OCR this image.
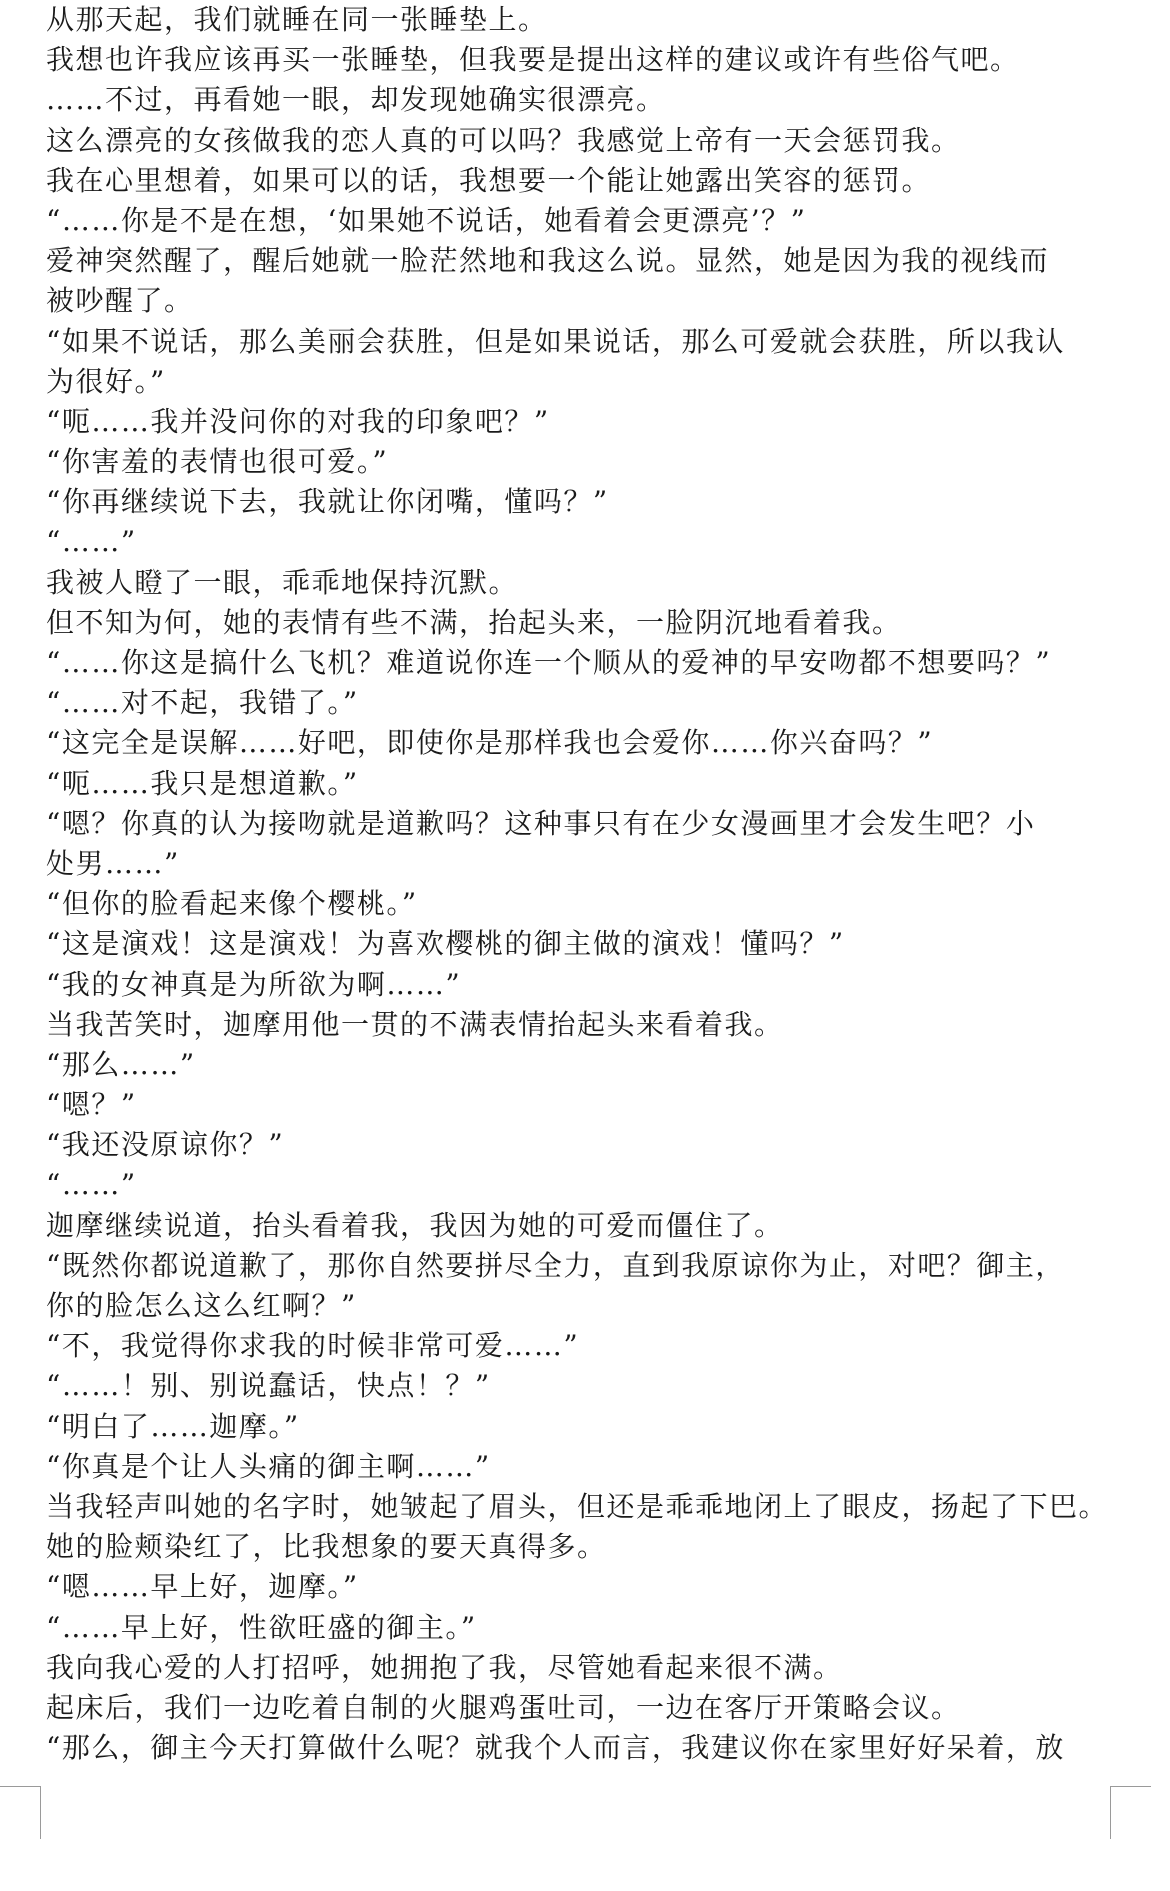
从那天起，我们就睡在同一张睡垫上。
我想也许我应该再买一张睡垫，但我要是提出这样的建议或许有些俗气吧。
……不过，再看她一眼，却发现她确实很漂亮。
这么漂亮的女孩做我的恋人真的可以吗？我感觉上帝有一天会惩罚我。
我在心里想着，如果可以的话，我想要一个能让她露出笑容的惩罚。
“……你是不是在想，‘如果她不说话，她看着会更漂亮’？”
爱神突然醒了，醒后她就一脸茫然地和我这么说。显然，她是因为我的视线而
被吵醒了。
“如果不说话，那么美丽会获胜，但是如果说话，那么可爱就会获胜，所以我认
为很好。”
“呃……我并没问你的对我的印象吧？”
“你害羞的表情也很可爱。”
“你再继续说下去，我就让你闭嘴，懂吗？”
“……”
我被人瞪了一眼，乖乖地保持沉默。
但不知为何，她的表情有些不满，抬起头来，一脸阴沉地看着我。
“……你这是搞什么飞机？难道说你连一个顺从的爱神的早安吻都不想要吗？”
“……对不起，我错了。”
“这完全是误解……好吧，即使你是那样我也会爱你……你兴奋吗？”
“呃……我只是想道歉。”
“嗯？你真的认为接吻就是道歉吗？这种事只有在少女漫画里才会发生吧？小
处男……”
“但你的脸看起来像个樱桃。”
“这是演戏！这是演戏！为喜欢樱桃的御主做的演戏！懂吗？”
“我的女神真是为所欲为啊……”
当我苦笑时，迦摩用他一贯的不满表情抬起头来看着我。
“那么……”
“嗯？”
“我还没原谅你？”
“……”
迦摩继续说道，抬头看着我，我因为她的可爱而僵住了。
“既然你都说道歉了，那你自然要拼尽全力，直到我原谅你为止，对吧？御主，
你的脸怎么这么红啊？”
“不，我觉得你求我的时候非常可爱……”
“……！别、别说蠢话，快点！？”
“明白了……迦摩。”
“你真是个让人头痛的御主啊……”
当我轻声叫她的名字时，她皱起了眉头，但还是乖乖地闭上了眼皮，扬起了下巴。
她的脸颊染红了，比我想象的要天真得多。
“嗯……早上好，迦摩。”
“……早上好，性欲旺盛的御主。”
我向我心爱的人打招呼，她拥抱了我，尽管她看起来很不满。
起床后，我们一边吃着自制的火腿鸡蛋吐司，一边在客厅开策略会议。
“那么，御主今天打算做什么呢？就我个人而言，我建议你在家里好好呆着，放
